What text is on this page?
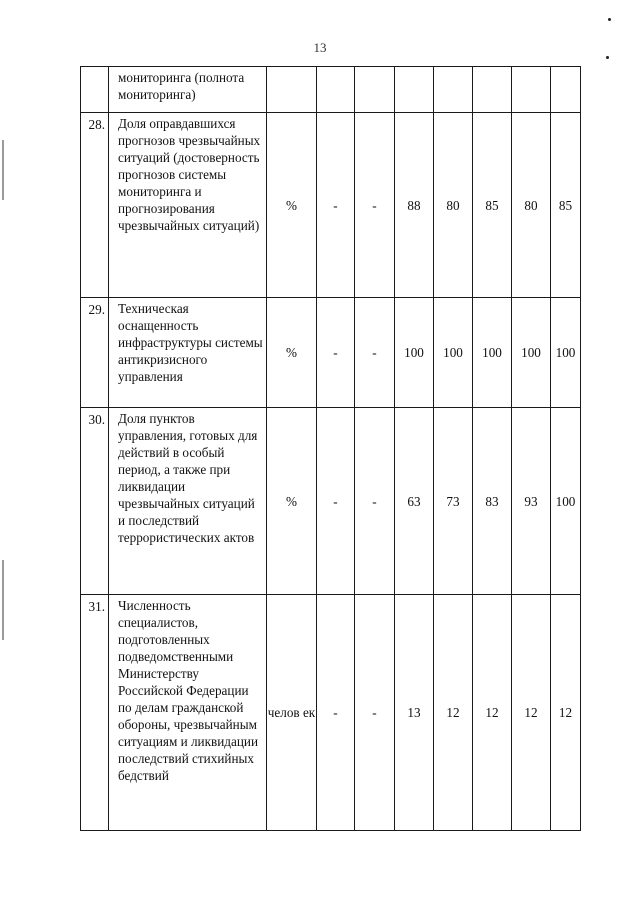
13
	мониторинга (полнота мониторинга)								
28.	Доля оправдавшихся прогнозов чрезвычайных ситуаций (достоверность прогнозов системы мониторинга и прогнозирования чрезвычайных ситуаций)	%	-	-	88	80	85	80	85
29.	Техническая оснащенность инфраструктуры системы антикризисного управления	%	-	-	100	100	100	100	100
30.	Доля пунктов управления, готовых для действий в особый период, а также при ликвидации чрезвычайных ситуаций и последствий террористических актов	%	-	-	63	73	83	93	100
31.	Численность специалистов, подготовленных подведомственными Министерству Российской Федерации по делам гражданской обороны, чрезвычайным ситуациям и ликвидации последствий стихийных бедствий	челов ек	-	-	13	12	12	12	12
